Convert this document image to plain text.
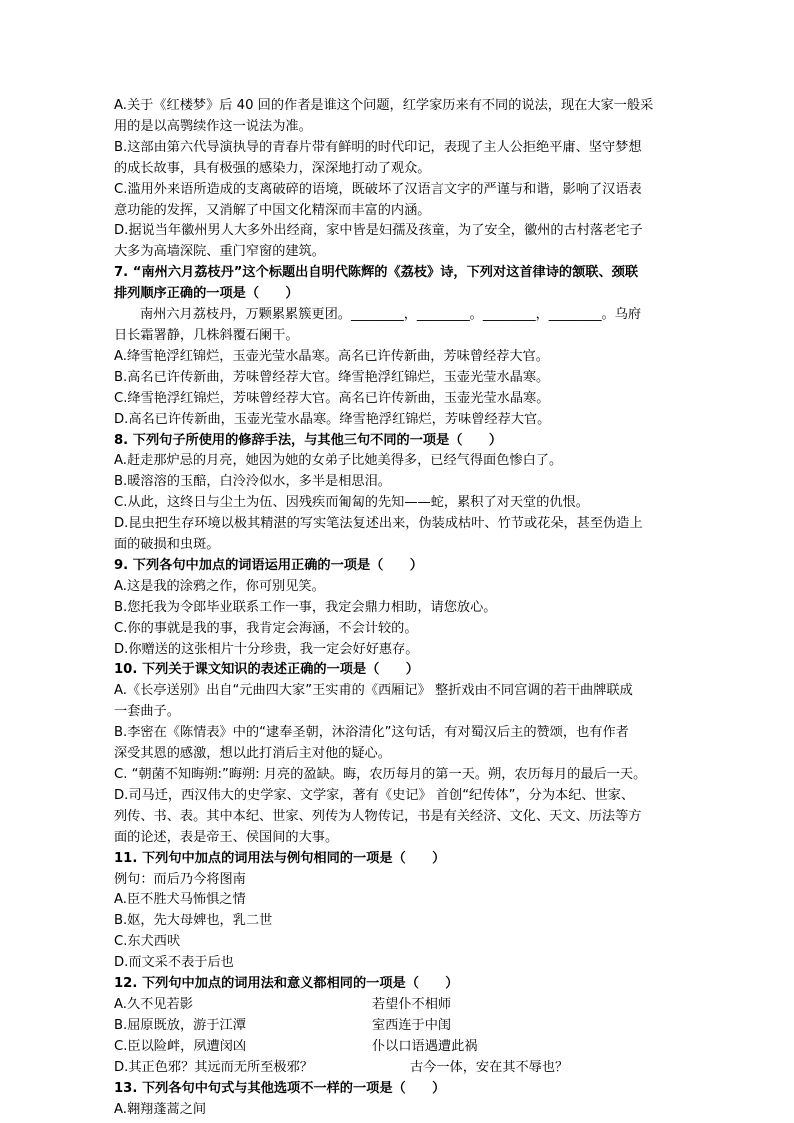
A.关于《红楼梦》后 40 回的作者是谁这个问题，红学家历来有不同的说法，现在大家一般采
用的是以高鹗续作这一说法为准。
B.这部由第六代导演执导的青春片带有鲜明的时代印记，表现了主人公拒绝平庸、坚守梦想
的成长故事，具有极强的感染力，深深地打动了观众。
C.滥用外来语所造成的支离破碎的语境，既破坏了汉语言文字的严谨与和谐，影响了汉语表
意功能的发挥，又消解了中国文化精深而丰富的内涵。
D.据说当年徽州男人大多外出经商，家中皆是妇孺及孩童，为了安全，徽州的古村落老宅子
大多为高墙深院、重门窄窗的建筑。
7. “南州六月荔枝丹”这个标题出自明代陈辉的《荔枝》诗，下列对这首律诗的颔联、颈联
排列顺序正确的一项是（　　）
南州六月荔枝丹，万颗累累簇更团。________，________。________，________。乌府
日长霜署静，几株斜覆石阑干。
A.绛雪艳浮红锦烂，玉壶光莹水晶寒。高名已许传新曲，芳味曾经荐大官。
B.高名已许传新曲，芳味曾经荐大官。绛雪艳浮红锦烂，玉壶光莹水晶寒。
C.绛雪艳浮红锦烂，芳味曾经荐大官。高名已许传新曲，玉壶光莹水晶寒。
D.高名已许传新曲，玉壶光莹水晶寒。绛雪艳浮红锦烂，芳味曾经荐大官。
8. 下列句子所使用的修辞手法，与其他三句不同的一项是（　　）
A.赶走那炉忌的月亮，她因为她的女弟子比她美得多，已经气得面色惨白了。
B.暖溶溶的玉醅，白泠泠似水，多半是相思泪。
C.从此，这终日与尘土为伍、因残疾而匍匐的先知——蛇，累积了对天堂的仇恨。
D.昆虫把生存环境以极其精湛的写实笔法复述出来，伪装成枯叶、竹节或花朵，甚至伪造上
面的破损和虫斑。
9. 下列各句中加点的词语运用正确的一项是（　　）
A.这是我的涂鸦之作，你可别见笑。
B.您托我为令郎毕业联系工作一事，我定会鼎力相助，请您放心。
C.你的事就是我的事，我肯定会海涵，不会计较的。
D.你赠送的这张相片十分珍贵，我一定会好好惠存。
10. 下列关于课文知识的表述正确的一项是（　　）
A.《长亭送别》出自“元曲四大家”王实甫的《西厢记》 整折戏由不同宫调的若干曲牌联成
一套曲子。
B.李密在《陈情表》中的“逮奉圣朝，沐浴清化”这句话，有对蜀汉后主的赞颂，也有作者
深受其恩的感激，想以此打消后主对他的疑心。
C. “朝菌不知晦朔:”晦朔: 月亮的盈缺。晦，农历每月的第一天。朔，农历每月的最后一天。
D.司马迁，西汉伟大的史学家、文学家，著有《史记》 首创“纪传体”，分为本纪、世家、
列传、书、表。其中本纪、世家、列传为人物传记，书是有关经济、文化、天文、历法等方
面的论述，表是帝王、侯国间的大事。
11. 下列句中加点的词用法与例句相同的一项是（　　）
例句：而后乃今将图南
A.臣不胜犬马怖惧之情
B.妪，先大母婢也，乳二世
C.东犬西吠
D.而文采不表于后也
12. 下列句中加点的词用法和意义都相同的一项是（　　）
A.久不见若影	若望仆不相师
B.屈原既放，游于江潭	室西连于中闺
C.臣以险衅，夙遭闵凶	仆以口语遇遭此祸
D.其正色邪？其远而无所至极邪？	古今一体，安在其不辱也？
13. 下列各句中句式与其他选项不一样的一项是（　　）
A.翱翔蓬蒿之间
